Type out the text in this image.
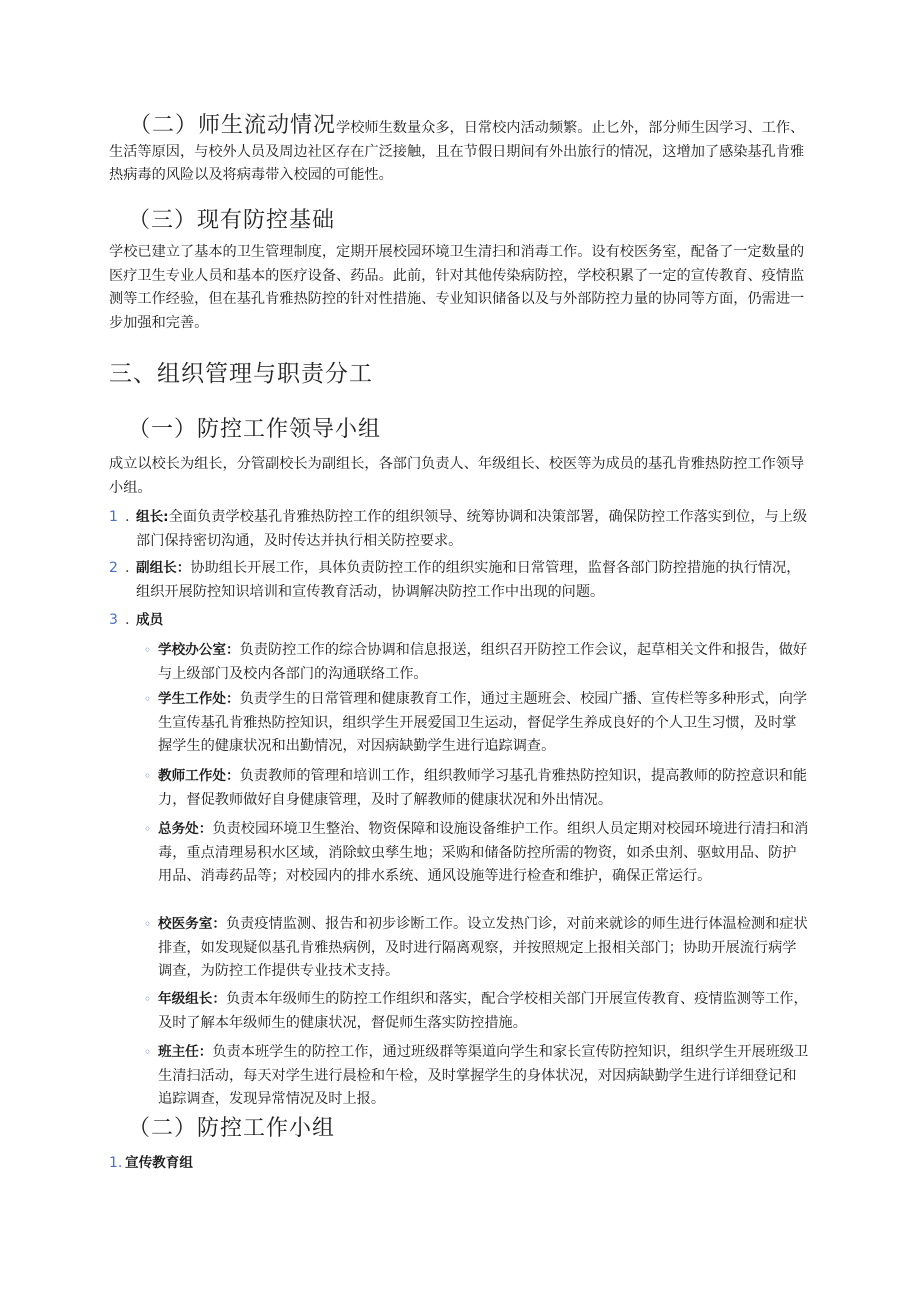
（二）师生流动情况学校师生数量众多，日常校内活动频繁。止匕外，部分师生因学习、工作、生活等原因，与校外人员及周边社区存在广泛接触，且在节假日期间有外出旅行的情况，这增加了感染基孔肯雅热病毒的风险以及将病毒带入校园的可能性。
（三）现有防控基础
学校已建立了基本的卫生管理制度，定期开展校园环境卫生清扫和消毒工作。设有校医务室，配备了一定数量的医疗卫生专业人员和基本的医疗设备、药品。此前，针对其他传染病防控，学校积累了一定的宣传教育、疫情监测等工作经验，但在基孔肯雅热防控的针对性措施、专业知识储备以及与外部防控力量的协同等方面，仍需进一步加强和完善。
三、组织管理与职责分工
（一）防控工作领导小组
成立以校长为组长，分管副校长为副组长，各部门负责人、年级组长、校医等为成员的基孔肯雅热防控工作领导小组。
1 . 组长:全面负责学校基孔肯雅热防控工作的组织领导、统筹协调和决策部署，确保防控工作落实到位，与上级部门保持密切沟通，及时传达并执行相关防控要求。
2 . 副组长：协助组长开展工作，具体负责防控工作的组织实施和日常管理，监督各部门防控措施的执行情况，组织开展防控知识培训和宣传教育活动，协调解决防控工作中出现的问题。
3 . 成员
◦ 学校办公室：负责防控工作的综合协调和信息报送，组织召开防控工作会议，起草相关文件和报告，做好与上级部门及校内各部门的沟通联络工作。
◦ 学生工作处：负责学生的日常管理和健康教育工作，通过主题班会、校园广播、宣传栏等多种形式，向学生宣传基孔肯雅热防控知识，组织学生开展爱国卫生运动，督促学生养成良好的个人卫生习惯，及时掌握学生的健康状况和出勤情况，对因病缺勤学生进行追踪调查。
◦ 教师工作处：负责教师的管理和培训工作，组织教师学习基孔肯雅热防控知识，提高教师的防控意识和能力，督促教师做好自身健康管理，及时了解教师的健康状况和外出情况。
◦ 总务处：负责校园环境卫生整治、物资保障和设施设备维护工作。组织人员定期对校园环境进行清扫和消毒，重点清理易积水区域，消除蚊虫孳生地；采购和储备防控所需的物资，如杀虫剂、驱蚊用品、防护用品、消毒药品等；对校园内的排水系统、通风设施等进行检查和维护，确保正常运行。
◦ 校医务室：负责疫情监测、报告和初步诊断工作。设立发热门诊，对前来就诊的师生进行体温检测和症状排查，如发现疑似基孔肯雅热病例，及时进行隔离观察，并按照规定上报相关部门；协助开展流行病学调查，为防控工作提供专业技术支持。
◦ 年级组长：负责本年级师生的防控工作组织和落实，配合学校相关部门开展宣传教育、疫情监测等工作，及时了解本年级师生的健康状况，督促师生落实防控措施。
◦ 班主任：负责本班学生的防控工作，通过班级群等渠道向学生和家长宣传防控知识，组织学生开展班级卫生清扫活动，每天对学生进行晨检和午检，及时掌握学生的身体状况，对因病缺勤学生进行详细登记和追踪调查，发现异常情况及时上报。
（二）防控工作小组
1. 宣传教育组
